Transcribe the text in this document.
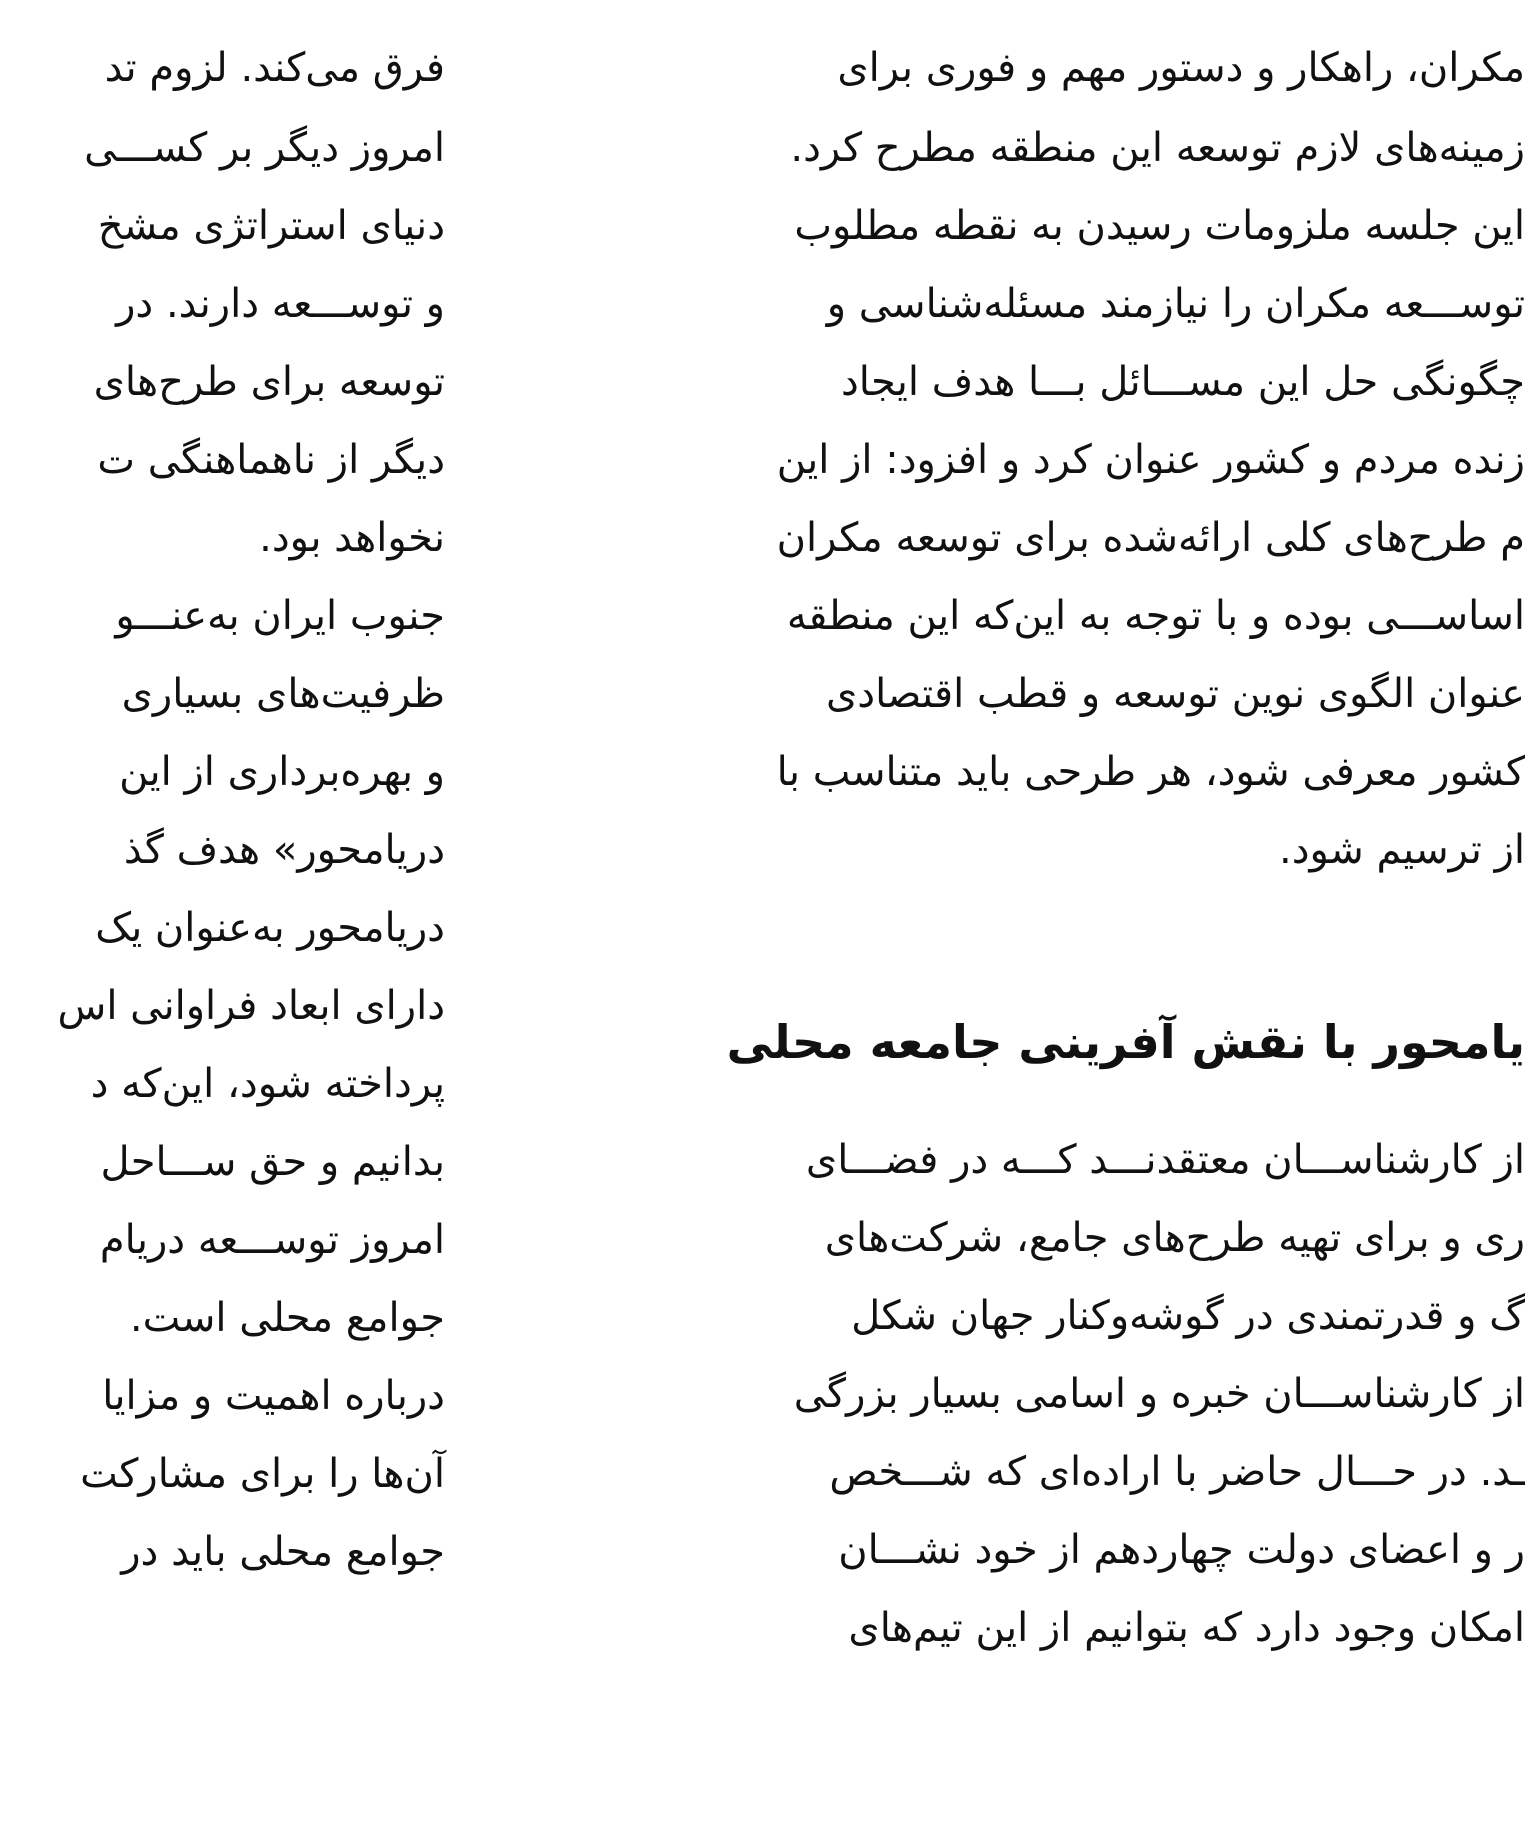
مکران، راهکار و دستور مهم و فوری برای
زمینه‌های لازم توسعه این منطقه مطرح کرد.
این جلسه ملزومات رسیدن به نقطه مطلوب
توســـعه مکران را نیازمند مسئله‌شناسی و
چگونگی حل این مســـائل بـــا هدف ایجاد
زنده مردم و کشور عنوان کرد و افزود: از این
م طرح‌های کلی ارائه‌شده برای توسعه مکران
اساســـی بوده و با توجه به این‌که این منطقه
عنوان الگوی نوین توسعه و قطب اقتصادی
کشور معرفی شود، هر طرحی باید متناسب با
از ترسیم شود.
یامحور با نقش آفرینی جامعه محلی
از کارشناســـان معتقدنـــد کـــه در فضـــای
ری و برای تهیه طرح‌های جامع، شرکت‌های
گ و قدرتمندی در گوشه‌وکنار جهان شکل
از کارشناســـان خبره و اسامی بسیار بزرگی
ـد. در حـــال حاضر با اراده‌ای که شـــخص
ر و اعضای دولت چهاردهم از خود نشـــان
امکان وجود دارد که بتوانیم از این تیم‌های
فرق می‌کند. لزوم تد
امروز دیگر بر کســـی
دنیای استراتژی مشخ
و توســـعه دارند. در
توسعه برای طرح‌های
دیگر از ناهماهنگی ت
نخواهد بود.
جنوب ایران به‌عنـــو
ظرفیت‌های بسیاری
و بهره‌برداری از این
دریامحور» هدف گذ
دریامحور به‌عنوان یک
دارای ابعاد فراوانی اس
پرداخته شود، این‌که د
بدانیم و حق ســـاحل
امروز توســـعه دریام
جوامع محلی است.
درباره اهمیت و مزایا
آن‌ها را برای مشارکت
جوامع محلی باید در
